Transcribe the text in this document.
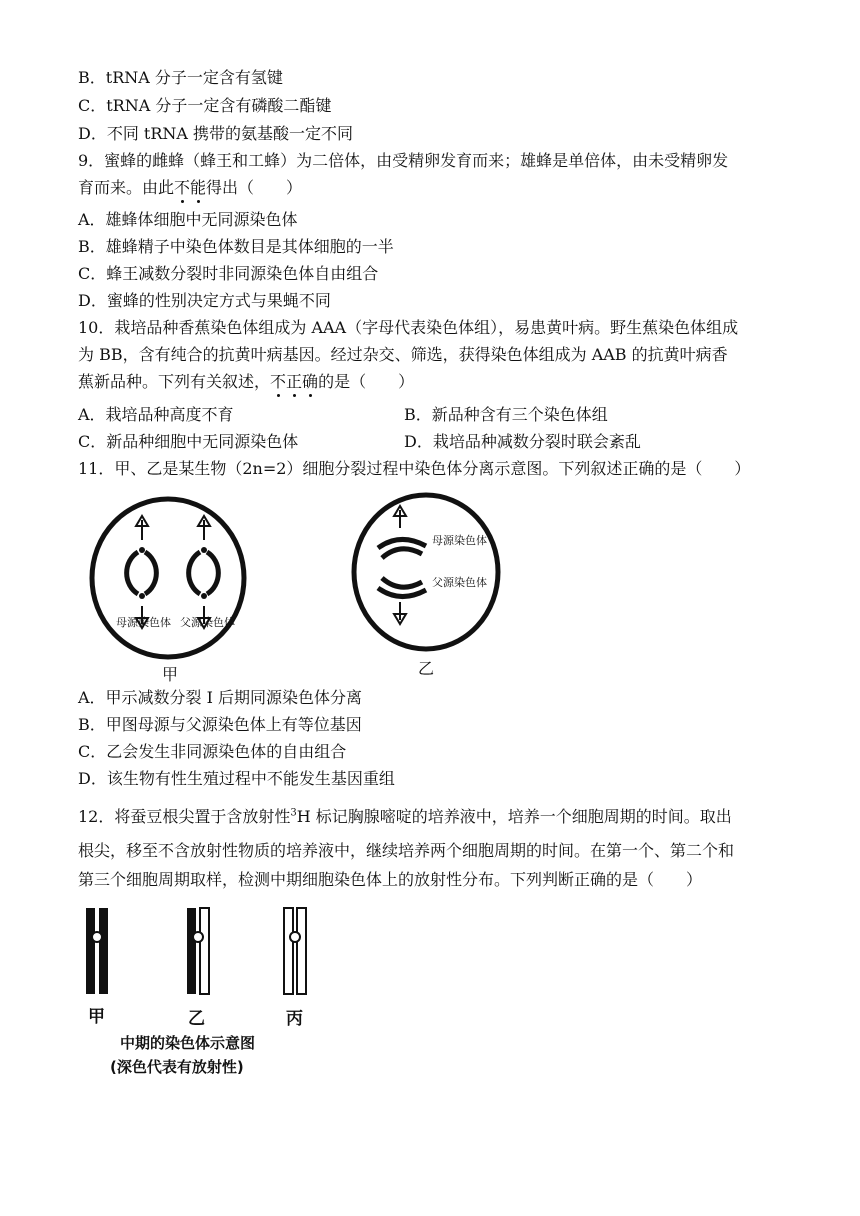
B．tRNA 分子一定含有氢键
C．tRNA 分子一定含有磷酸二酯键
D．不同 tRNA 携带的氨基酸一定不同
9．蜜蜂的雌蜂（蜂王和工蜂）为二倍体，由受精卵发育而来；雄蜂是单倍体，由未受精卵发
育而来。由此不能得出（　　）
A．雄蜂体细胞中无同源染色体
B．雄蜂精子中染色体数目是其体细胞的一半
C．蜂王减数分裂时非同源染色体自由组合
D．蜜蜂的性别决定方式与果蝇不同
10．栽培品种香蕉染色体组成为 AAA（字母代表染色体组），易患黄叶病。野生蕉染色体组成
为 BB，含有纯合的抗黄叶病基因。经过杂交、筛选，获得染色体组成为 AAB 的抗黄叶病香
蕉新品种。下列有关叙述，不正确的是（　　）
A．栽培品种高度不育	B．新品种含有三个染色体组
C．新品种细胞中无同源染色体	D．栽培品种减数分裂时联会紊乱
11．甲、乙是某生物（2n=2）细胞分裂过程中染色体分离示意图。下列叙述正确的是（　　）
母源染色体 父源染色体
甲
母源染色体
父源染色体
乙
A．甲示减数分裂 I 后期同源染色体分离
B．甲图母源与父源染色体上有等位基因
C．乙会发生非同源染色体的自由组合
D．该生物有性生殖过程中不能发生基因重组
12．将蚕豆根尖置于含放射性$^3$H 标记胸腺嘧啶的培养液中，培养一个细胞周期的时间。取出
根尖，移至不含放射性物质的培养液中，继续培养两个细胞周期的时间。在第一个、第二个和
第三个细胞周期取样，检测中期细胞染色体上的放射性分布。下列判断正确的是（　　）
甲	乙	丙
中期的染色体示意图
(深色代表有放射性)
